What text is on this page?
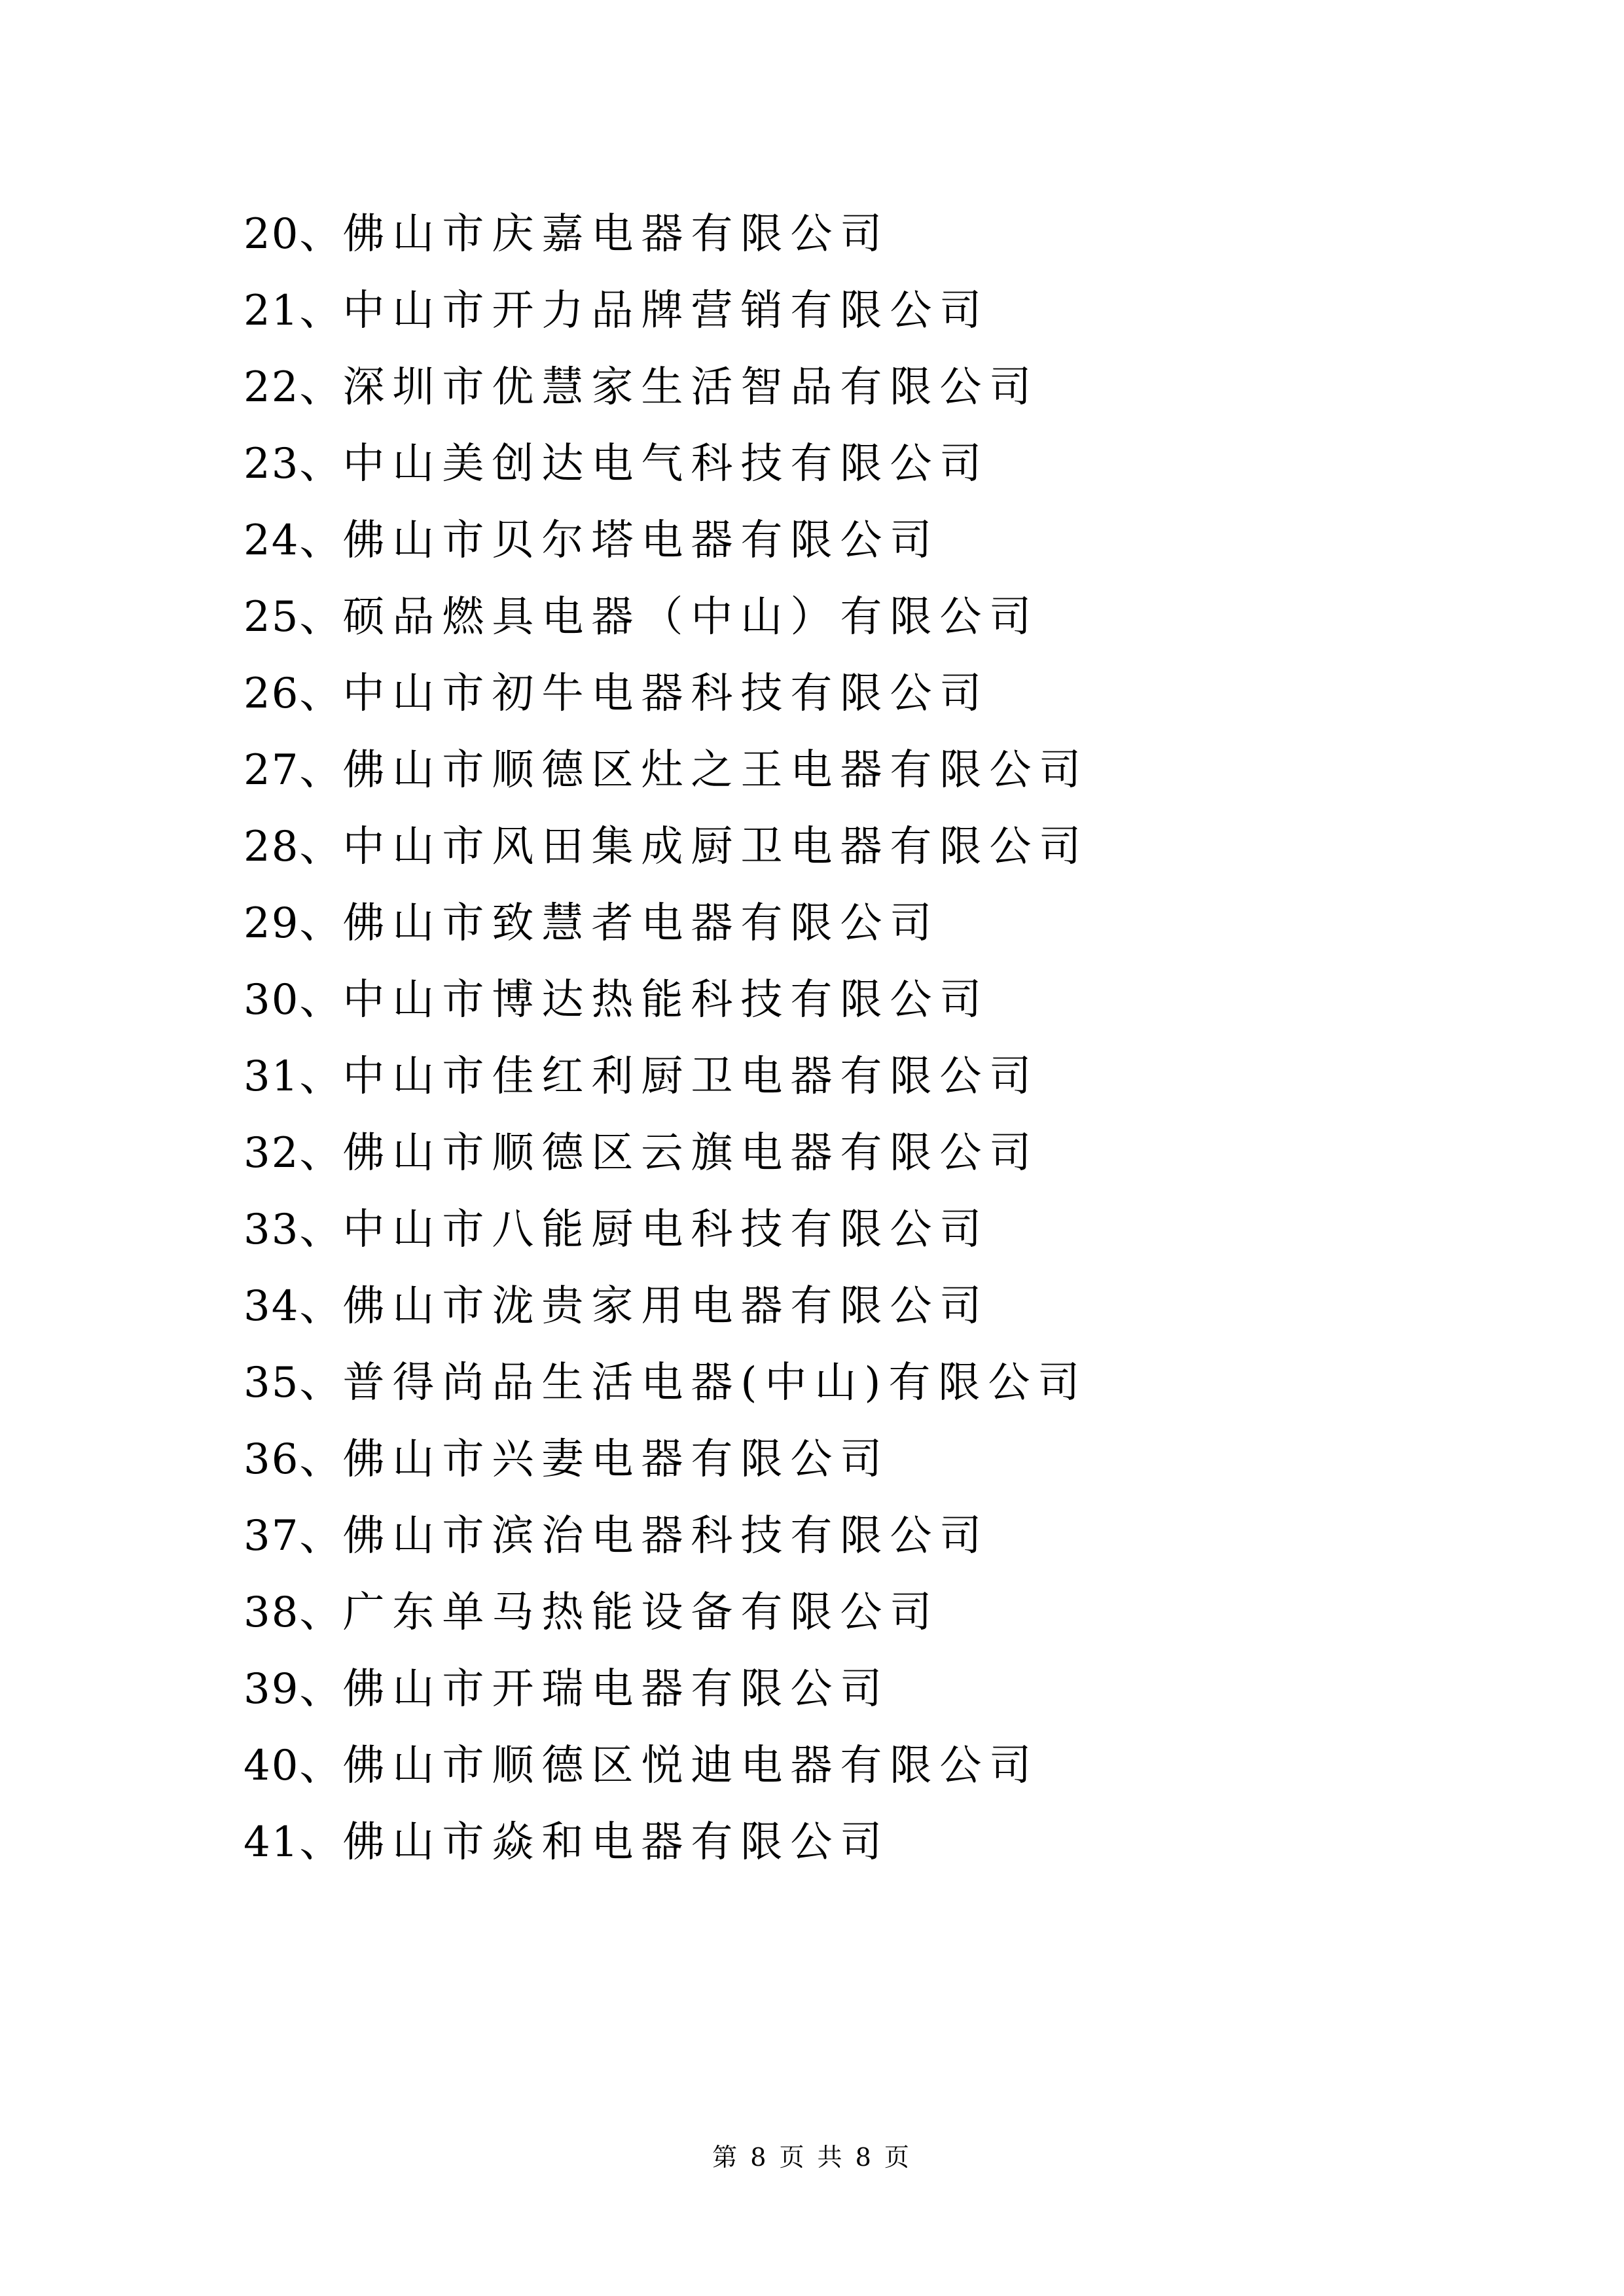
20、佛山市庆嘉电器有限公司
21、中山市开力品牌营销有限公司
22、深圳市优慧家生活智品有限公司
23、中山美创达电气科技有限公司
24、佛山市贝尔塔电器有限公司
25、硕品燃具电器（中山）有限公司
26、中山市初牛电器科技有限公司
27、佛山市顺德区灶之王电器有限公司
28、中山市风田集成厨卫电器有限公司
29、佛山市致慧者电器有限公司
30、中山市博达热能科技有限公司
31、中山市佳红利厨卫电器有限公司
32、佛山市顺德区云旗电器有限公司
33、中山市八能厨电科技有限公司
34、佛山市泷贵家用电器有限公司
35、普得尚品生活电器(中山)有限公司
36、佛山市兴妻电器有限公司
37、佛山市滨治电器科技有限公司
38、广东单马热能设备有限公司
39、佛山市开瑞电器有限公司
40、佛山市顺德区悦迪电器有限公司
41、佛山市焱和电器有限公司
第 8 页 共 8 页
